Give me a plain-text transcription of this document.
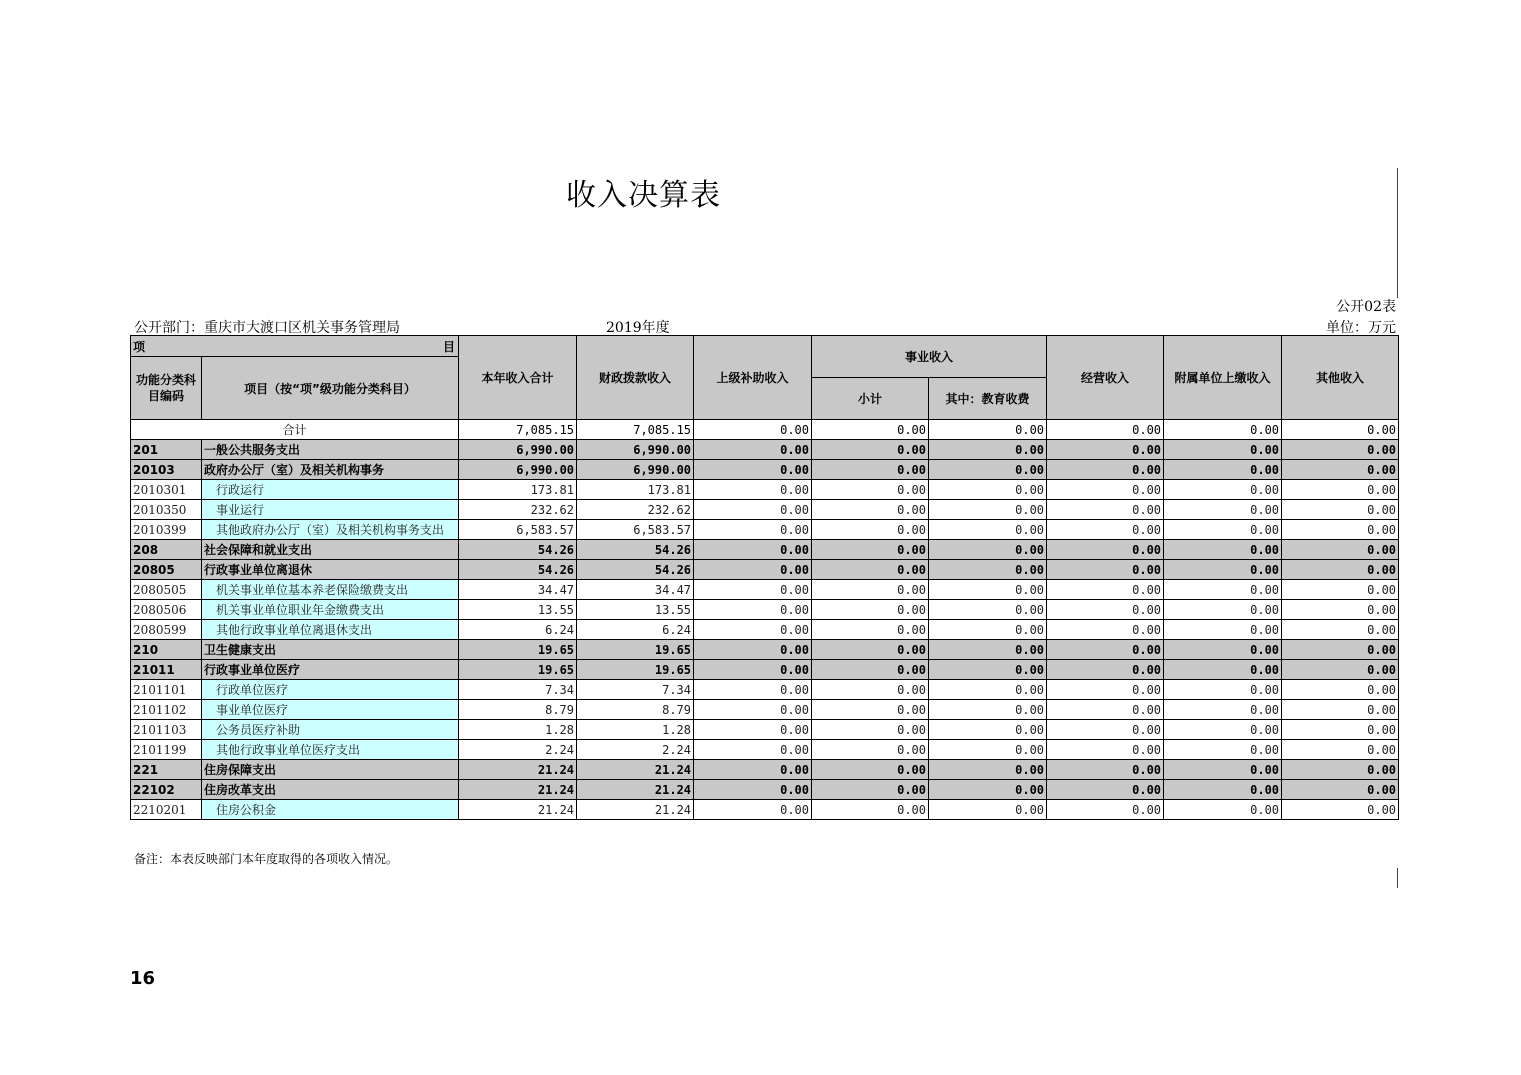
收入决算表
公开02表
公开部门：重庆市大渡口区机关事务管理局	2019年度	单位：万元
项 目		本年收入合计	财政拨款收入	上级补助收入	事业收入		经营收入	附属单位上缴收入	其他收入
功能分类科目编码	项目（按“项”级功能分类科目）								
					小计	其中：教育收费			
合计		7,085.15	7,085.15	0.00	0.00	0.00	0.00	0.00	0.00
201	一般公共服务支出	6,990.00	6,990.00	0.00	0.00	0.00	0.00	0.00	0.00
20103	政府办公厅（室）及相关机构事务	6,990.00	6,990.00	0.00	0.00	0.00	0.00	0.00	0.00
2010301	行政运行	173.81	173.81	0.00	0.00	0.00	0.00	0.00	0.00
2010350	事业运行	232.62	232.62	0.00	0.00	0.00	0.00	0.00	0.00
2010399	其他政府办公厅（室）及相关机构事务支出	6,583.57	6,583.57	0.00	0.00	0.00	0.00	0.00	0.00
208	社会保障和就业支出	54.26	54.26	0.00	0.00	0.00	0.00	0.00	0.00
20805	行政事业单位离退休	54.26	54.26	0.00	0.00	0.00	0.00	0.00	0.00
2080505	机关事业单位基本养老保险缴费支出	34.47	34.47	0.00	0.00	0.00	0.00	0.00	0.00
2080506	机关事业单位职业年金缴费支出	13.55	13.55	0.00	0.00	0.00	0.00	0.00	0.00
2080599	其他行政事业单位离退休支出	6.24	6.24	0.00	0.00	0.00	0.00	0.00	0.00
210	卫生健康支出	19.65	19.65	0.00	0.00	0.00	0.00	0.00	0.00
21011	行政事业单位医疗	19.65	19.65	0.00	0.00	0.00	0.00	0.00	0.00
2101101	行政单位医疗	7.34	7.34	0.00	0.00	0.00	0.00	0.00	0.00
2101102	事业单位医疗	8.79	8.79	0.00	0.00	0.00	0.00	0.00	0.00
2101103	公务员医疗补助	1.28	1.28	0.00	0.00	0.00	0.00	0.00	0.00
2101199	其他行政事业单位医疗支出	2.24	2.24	0.00	0.00	0.00	0.00	0.00	0.00
221	住房保障支出	21.24	21.24	0.00	0.00	0.00	0.00	0.00	0.00
22102	住房改革支出	21.24	21.24	0.00	0.00	0.00	0.00	0.00	0.00
2210201	住房公积金	21.24	21.24	0.00	0.00	0.00	0.00	0.00	0.00
备注：本表反映部门本年度取得的各项收入情况。
16
